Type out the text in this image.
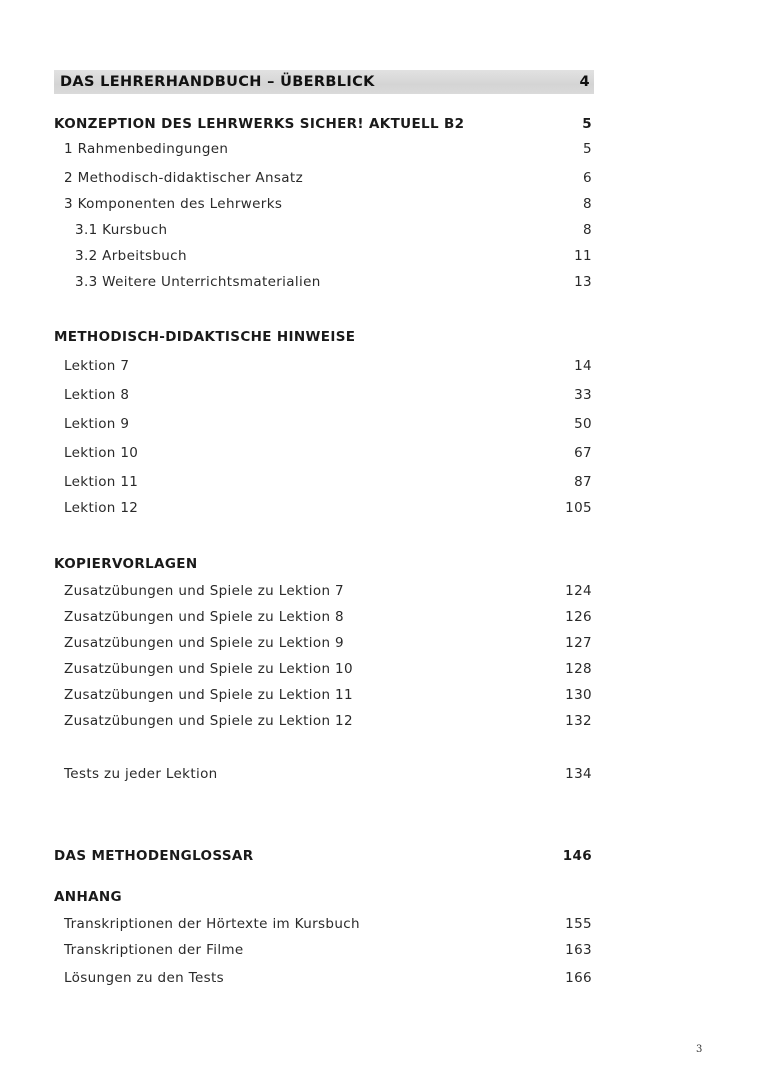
DAS LEHRERHANDBUCH – ÜBERBLICK	4
KONZEPTION DES LEHRWERKS SICHER! AKTUELL B2	5
1 Rahmenbedingungen	5
2 Methodisch-didaktischer Ansatz	6
3 Komponenten des Lehrwerks	8
3.1 Kursbuch	8
3.2 Arbeitsbuch	11
3.3 Weitere Unterrichtsmaterialien	13
METHODISCH-DIDAKTISCHE HINWEISE
Lektion 7	14
Lektion 8	33
Lektion 9	50
Lektion 10	67
Lektion 11	87
Lektion 12	105
KOPIERVORLAGEN
Zusatzübungen und Spiele zu Lektion 7	124
Zusatzübungen und Spiele zu Lektion 8	126
Zusatzübungen und Spiele zu Lektion 9	127
Zusatzübungen und Spiele zu Lektion 10	128
Zusatzübungen und Spiele zu Lektion 11	130
Zusatzübungen und Spiele zu Lektion 12	132
Tests zu jeder Lektion	134
DAS METHODENGLOSSAR	146
ANHANG
Transkriptionen der Hörtexte im Kursbuch	155
Transkriptionen der Filme	163
Lösungen zu den Tests	166
3
